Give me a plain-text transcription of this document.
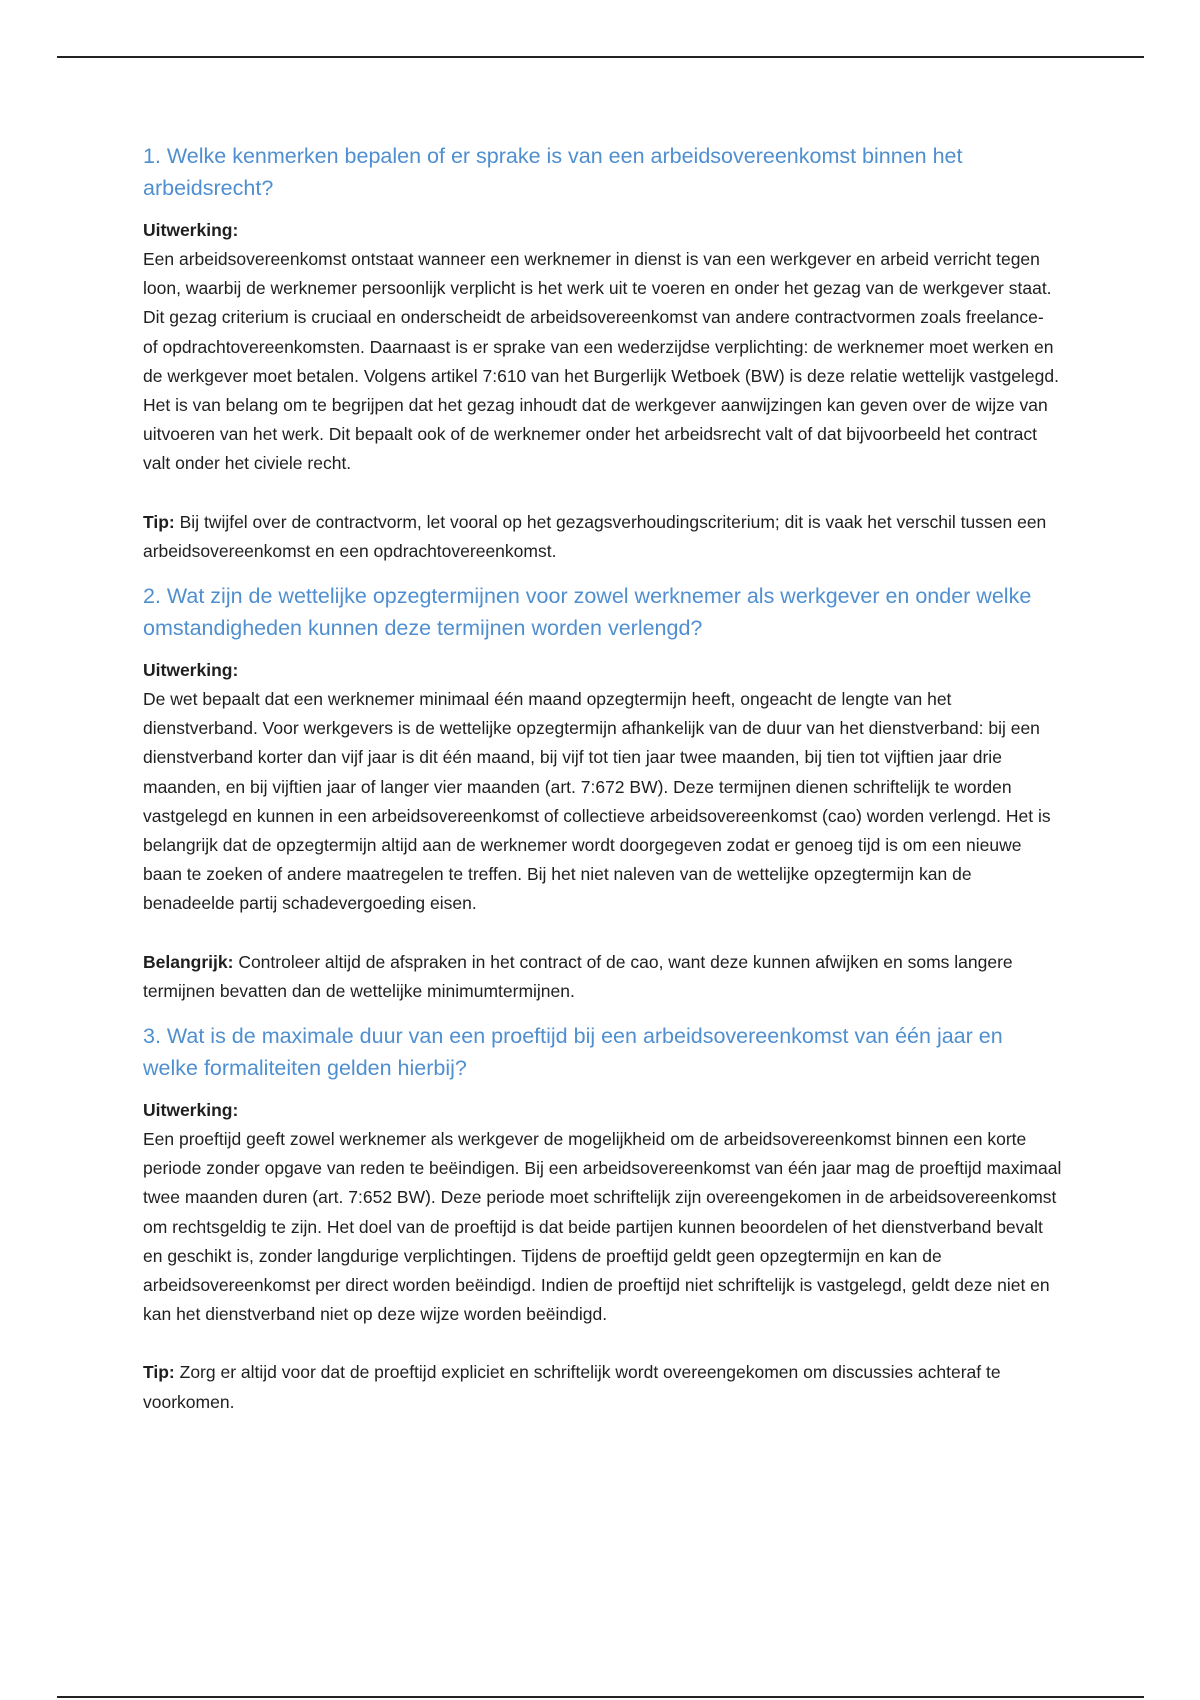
1. Welke kenmerken bepalen of er sprake is van een arbeidsovereenkomst binnen het arbeidsrecht?

Uitwerking:

Een arbeidsovereenkomst ontstaat wanneer een werknemer in dienst is van een werkgever en arbeid verricht tegen loon, waarbij de werknemer persoonlijk verplicht is het werk uit te voeren en onder het gezag van de werkgever staat. Dit gezag criterium is cruciaal en onderscheidt de arbeidsovereenkomst van andere contractvormen zoals freelance- of opdrachtovereenkomsten. Daarnaast is er sprake van een wederzijdse verplichting: de werknemer moet werken en de werkgever moet betalen. Volgens artikel 7:610 van het Burgerlijk Wetboek (BW) is deze relatie wettelijk vastgelegd. Het is van belang om te begrijpen dat het gezag inhoudt dat de werkgever aanwijzingen kan geven over de wijze van uitvoeren van het werk. Dit bepaalt ook of de werknemer onder het arbeidsrecht valt of dat bijvoorbeeld het contract valt onder het civiele recht.

Tip: Bij twijfel over de contractvorm, let vooral op het gezagsverhoudingscriterium; dit is vaak het verschil tussen een arbeidsovereenkomst en een opdrachtovereenkomst.

2. Wat zijn de wettelijke opzegtermijnen voor zowel werknemer als werkgever en onder welke omstandigheden kunnen deze termijnen worden verlengd?

Uitwerking:

De wet bepaalt dat een werknemer minimaal één maand opzegtermijn heeft, ongeacht de lengte van het dienstverband. Voor werkgevers is de wettelijke opzegtermijn afhankelijk van de duur van het dienstverband: bij een dienstverband korter dan vijf jaar is dit één maand, bij vijf tot tien jaar twee maanden, bij tien tot vijftien jaar drie maanden, en bij vijftien jaar of langer vier maanden (art. 7:672 BW). Deze termijnen dienen schriftelijk te worden vastgelegd en kunnen in een arbeidsovereenkomst of collectieve arbeidsovereenkomst (cao) worden verlengd. Het is belangrijk dat de opzegtermijn altijd aan de werknemer wordt doorgegeven zodat er genoeg tijd is om een nieuwe baan te zoeken of andere maatregelen te treffen. Bij het niet naleven van de wettelijke opzegtermijn kan de benadeelde partij schadevergoeding eisen.

Belangrijk: Controleer altijd de afspraken in het contract of de cao, want deze kunnen afwijken en soms langere termijnen bevatten dan de wettelijke minimumtermijnen.

3. Wat is de maximale duur van een proeftijd bij een arbeidsovereenkomst van één jaar en welke formaliteiten gelden hierbij?

Uitwerking:

Een proeftijd geeft zowel werknemer als werkgever de mogelijkheid om de arbeidsovereenkomst binnen een korte periode zonder opgave van reden te beëindigen. Bij een arbeidsovereenkomst van één jaar mag de proeftijd maximaal twee maanden duren (art. 7:652 BW). Deze periode moet schriftelijk zijn overeengekomen in de arbeidsovereenkomst om rechtsgeldig te zijn. Het doel van de proeftijd is dat beide partijen kunnen beoordelen of het dienstverband bevalt en geschikt is, zonder langdurige verplichtingen. Tijdens de proeftijd geldt geen opzegtermijn en kan de arbeidsovereenkomst per direct worden beëindigd. Indien de proeftijd niet schriftelijk is vastgelegd, geldt deze niet en kan het dienstverband niet op deze wijze worden beëindigd.

Tip: Zorg er altijd voor dat de proeftijd expliciet en schriftelijk wordt overeengekomen om discussies achteraf te voorkomen.
